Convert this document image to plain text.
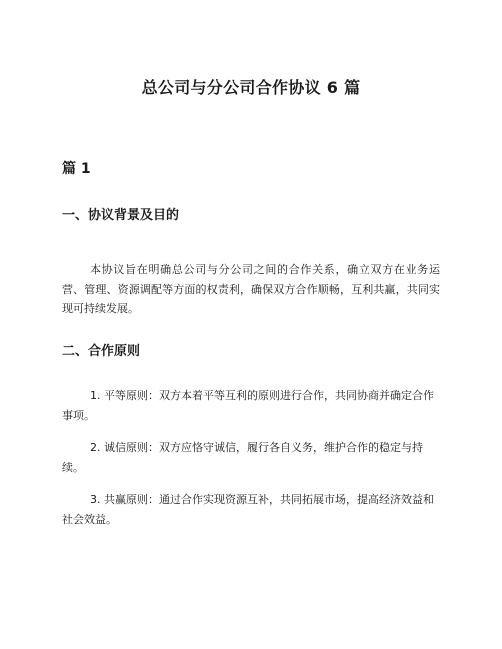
总公司与分公司合作协议 6 篇
篇 1
一、协议背景及目的

本协议旨在明确总公司与分公司之间的合作关系，确立双方在业务运营、管理、资源调配等方面的权责利，确保双方合作顺畅，互利共赢，共同实现可持续发展。

二、合作原则

1. 平等原则：双方本着平等互利的原则进行合作，共同协商并确定合作事项。

2. 诚信原则：双方应恪守诚信，履行各自义务，维护合作的稳定与持续。

3. 共赢原则：通过合作实现资源互补，共同拓展市场，提高经济效益和社会效益。
